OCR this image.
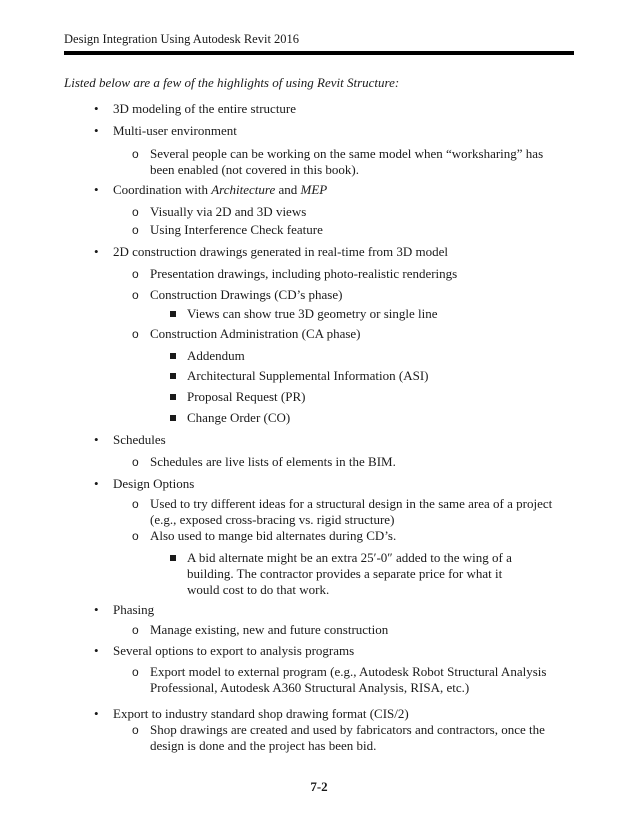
Design Integration Using Autodesk Revit 2016
Listed below are a few of the highlights of using Revit Structure:
• 3D modeling of the entire structure
• Multi-user environment
o Several people can be working on the same model when “worksharing” has been enabled (not covered in this book).
• Coordination with Architecture and MEP
o Visually via 2D and 3D views
o Using Interference Check feature
• 2D construction drawings generated in real-time from 3D model
o Presentation drawings, including photo-realistic renderings
o Construction Drawings (CD’s phase)
Views can show true 3D geometry or single line
o Construction Administration (CA phase)
Addendum
Architectural Supplemental Information (ASI)
Proposal Request (PR)
Change Order (CO)
• Schedules
o Schedules are live lists of elements in the BIM.
• Design Options
o Used to try different ideas for a structural design in the same area of a project (e.g., exposed cross-bracing vs. rigid structure)
o Also used to mange bid alternates during CD’s.
A bid alternate might be an extra 25′-0″ added to the wing of a building. The contractor provides a separate price for what it would cost to do that work.
• Phasing
o Manage existing, new and future construction
• Several options to export to analysis programs
o Export model to external program (e.g., Autodesk Robot Structural Analysis Professional, Autodesk A360 Structural Analysis, RISA, etc.)
• Export to industry standard shop drawing format (CIS/2)
o Shop drawings are created and used by fabricators and contractors, once the design is done and the project has been bid.
7-2
